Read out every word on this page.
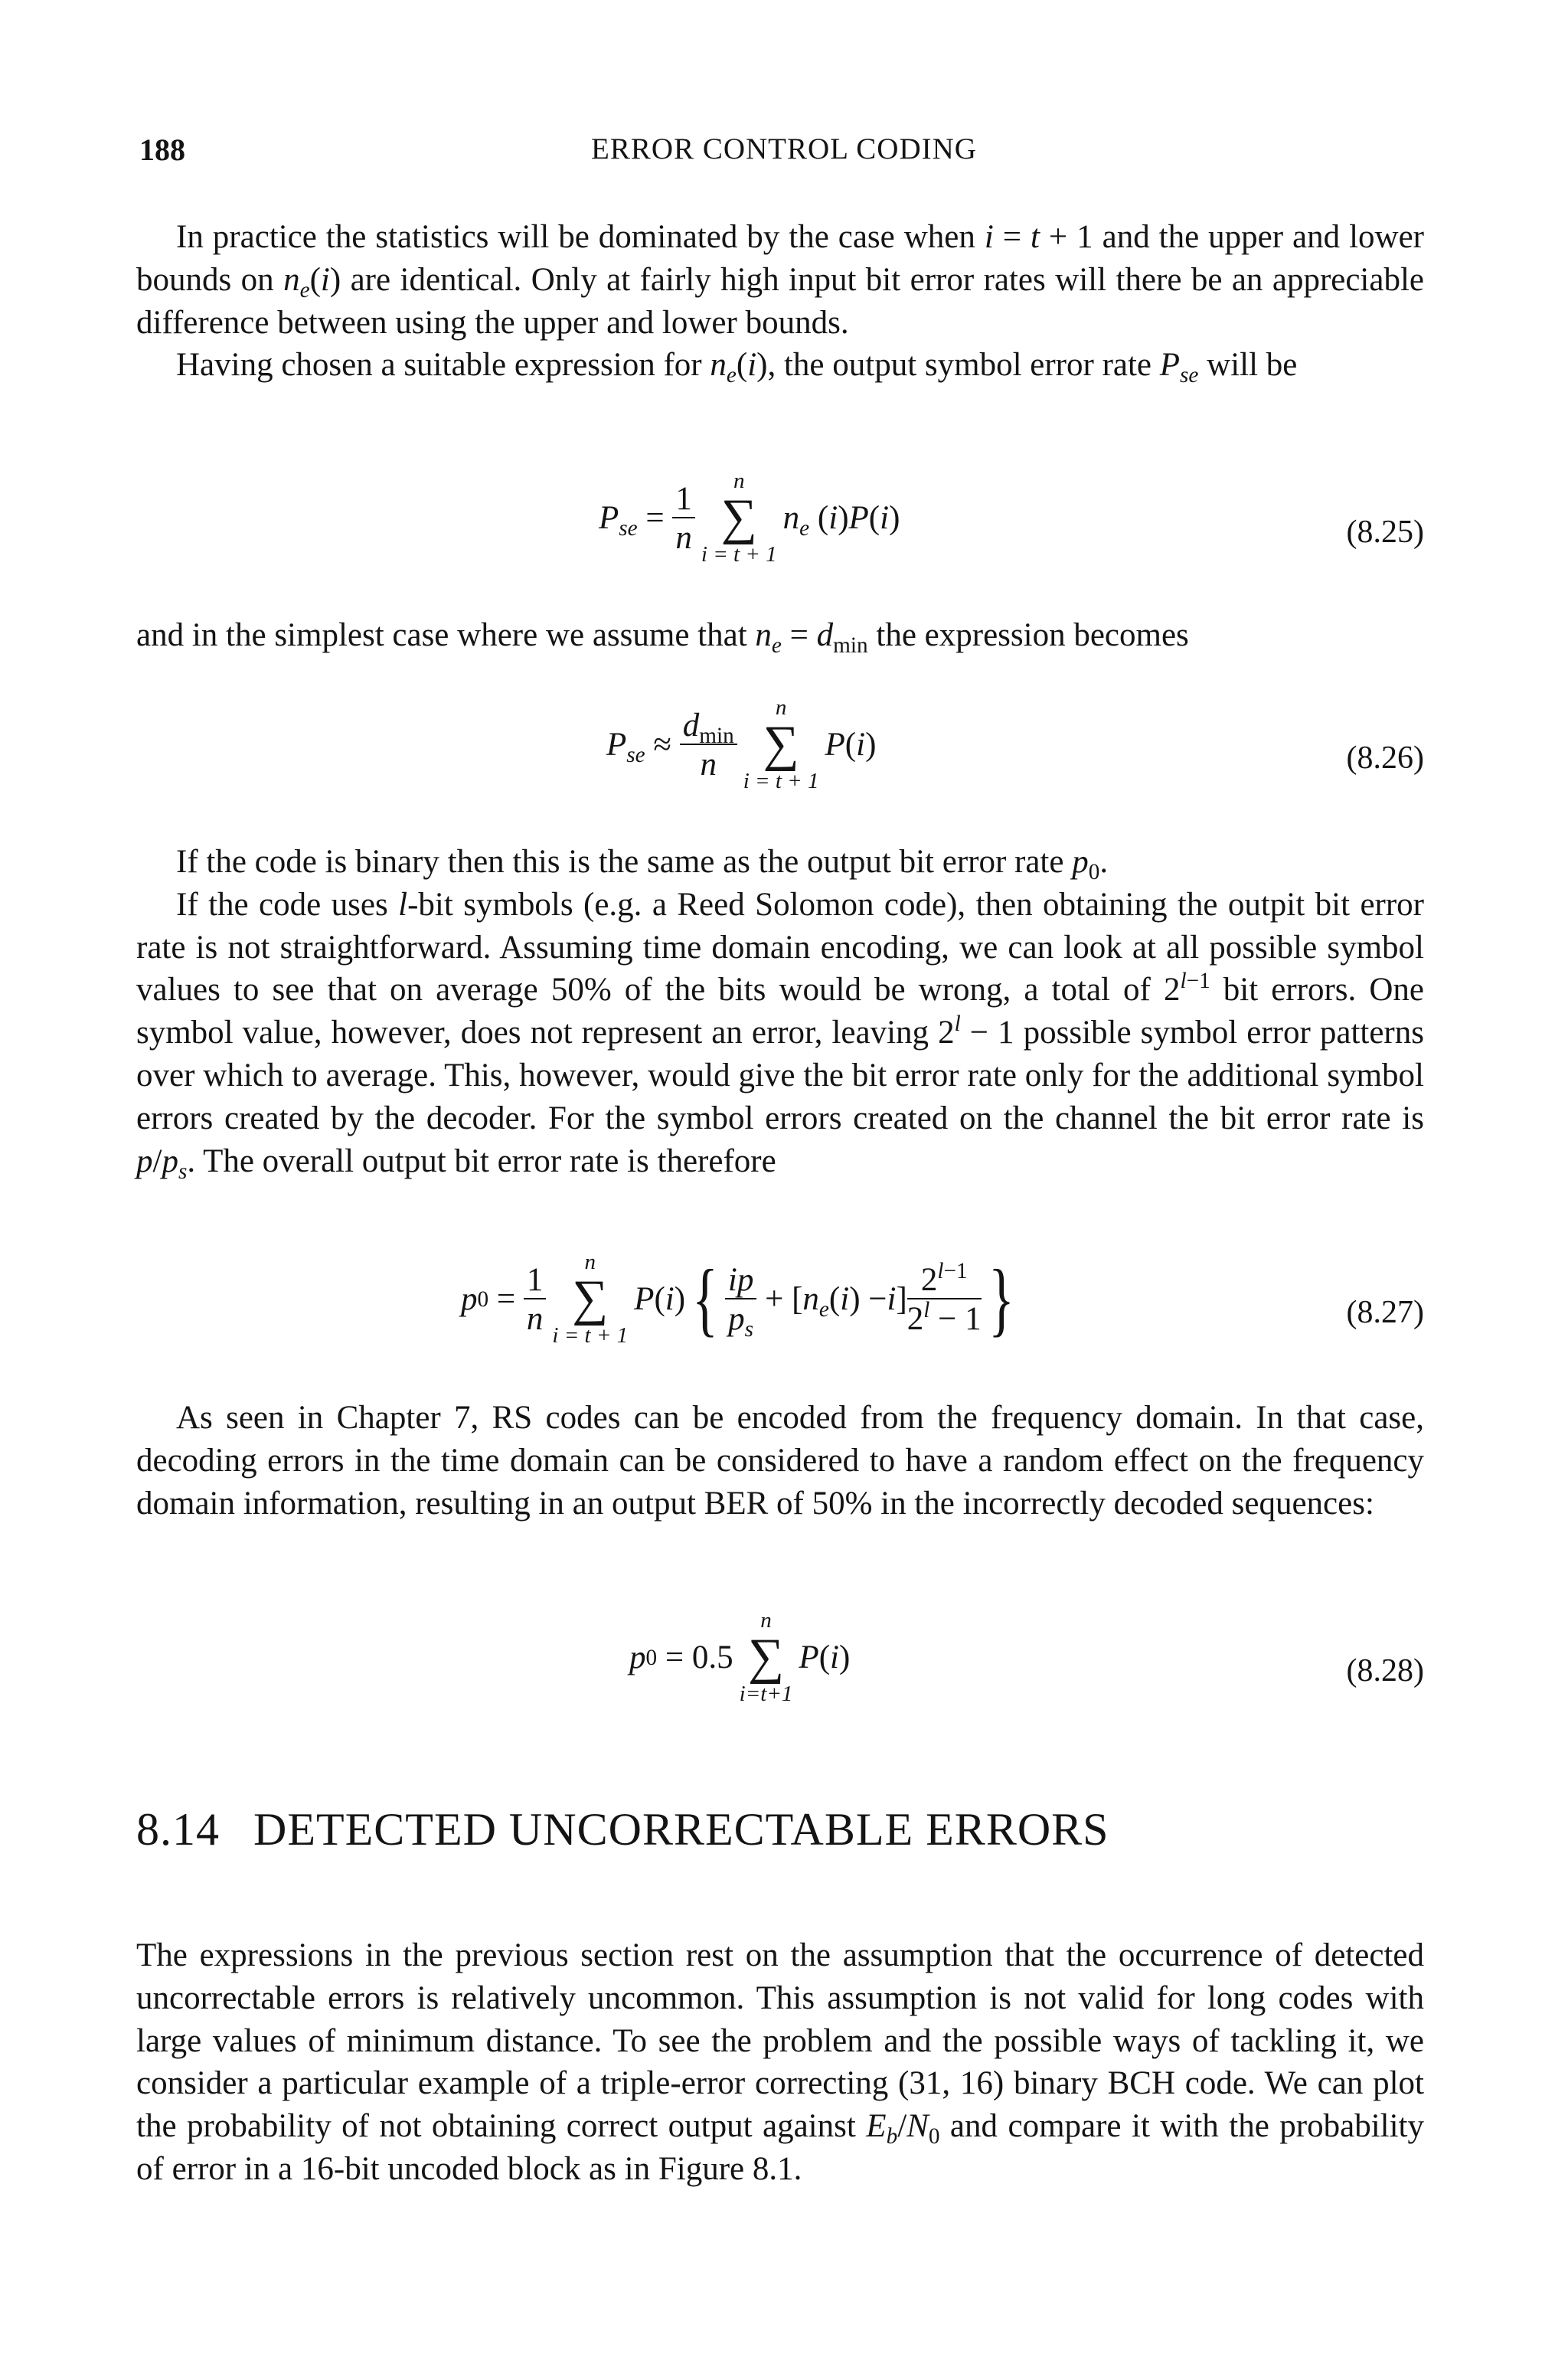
188	ERROR CONTROL CODING

In practice the statistics will be dominated by the case when i = t + 1 and the upper and lower bounds on $n_e(i)$ are identical. Only at fairly high input bit error rates will there be an appreciable difference between using the upper and lower bounds.

Having chosen a suitable expression for $n_e(i)$, the output symbol error rate $P_{se}$ will be

$P_{se} = \frac{1}{n}$
n
∑
i = t + 1
$n_e$ ( i ) P ( i )	(8.25)

and in the simplest case where we assume that $n_e = d_{min}$ the expression becomes

$P_{se} \approx \frac{d_{min}}{n}$
n
∑
i = t + 1
P ( i )	(8.26)

If the code is binary then this is the same as the output bit error rate $p_0$.

If the code uses l-bit symbols (e.g. a Reed Solomon code), then obtaining the outpit bit error rate is not straightforward. Assuming time domain encoding, we can look at all possible symbol values to see that on average 50% of the bits would be wrong, a total of $2^{l-1}$ bit errors. One symbol value, however, does not represent an error, leaving $2^l - 1$ possible symbol error patterns over which to average. This, however, would give the bit error rate only for the additional symbol errors created by the decoder. For the symbol errors created on the channel the bit error rate is $p/p_s$. The overall output bit error rate is therefore

p $0 = \frac{1}{n}$
n
∑
i = t + 1
P ( i ) { $\frac{ip}{p_s}$ + [ $n_e$ ( i ) − i ] $\frac{2^{l-1}}{2^l - 1}$ }	(8.27)

As seen in Chapter 7, RS codes can be encoded from the frequency domain. In that case, decoding errors in the time domain can be considered to have a random effect on the frequency domain information, resulting in an output BER of 50% in the incorrectly decoded sequences:

p 0 = 0.5
n
∑
i=t+1
P ( i )	(8.28)
8.14 DETECTED UNCORRECTABLE ERRORS

The expressions in the previous section rest on the assumption that the occurrence of detected uncorrectable errors is relatively uncommon. This assumption is not valid for long codes with large values of minimum distance. To see the problem and the possible ways of tackling it, we consider a particular example of a triple-error correcting (31, 16) binary BCH code. We can plot the probability of not obtaining correct output against $E_b/N_0$ and compare it with the probability of error in a 16-bit uncoded block as in Figure 8.1.
